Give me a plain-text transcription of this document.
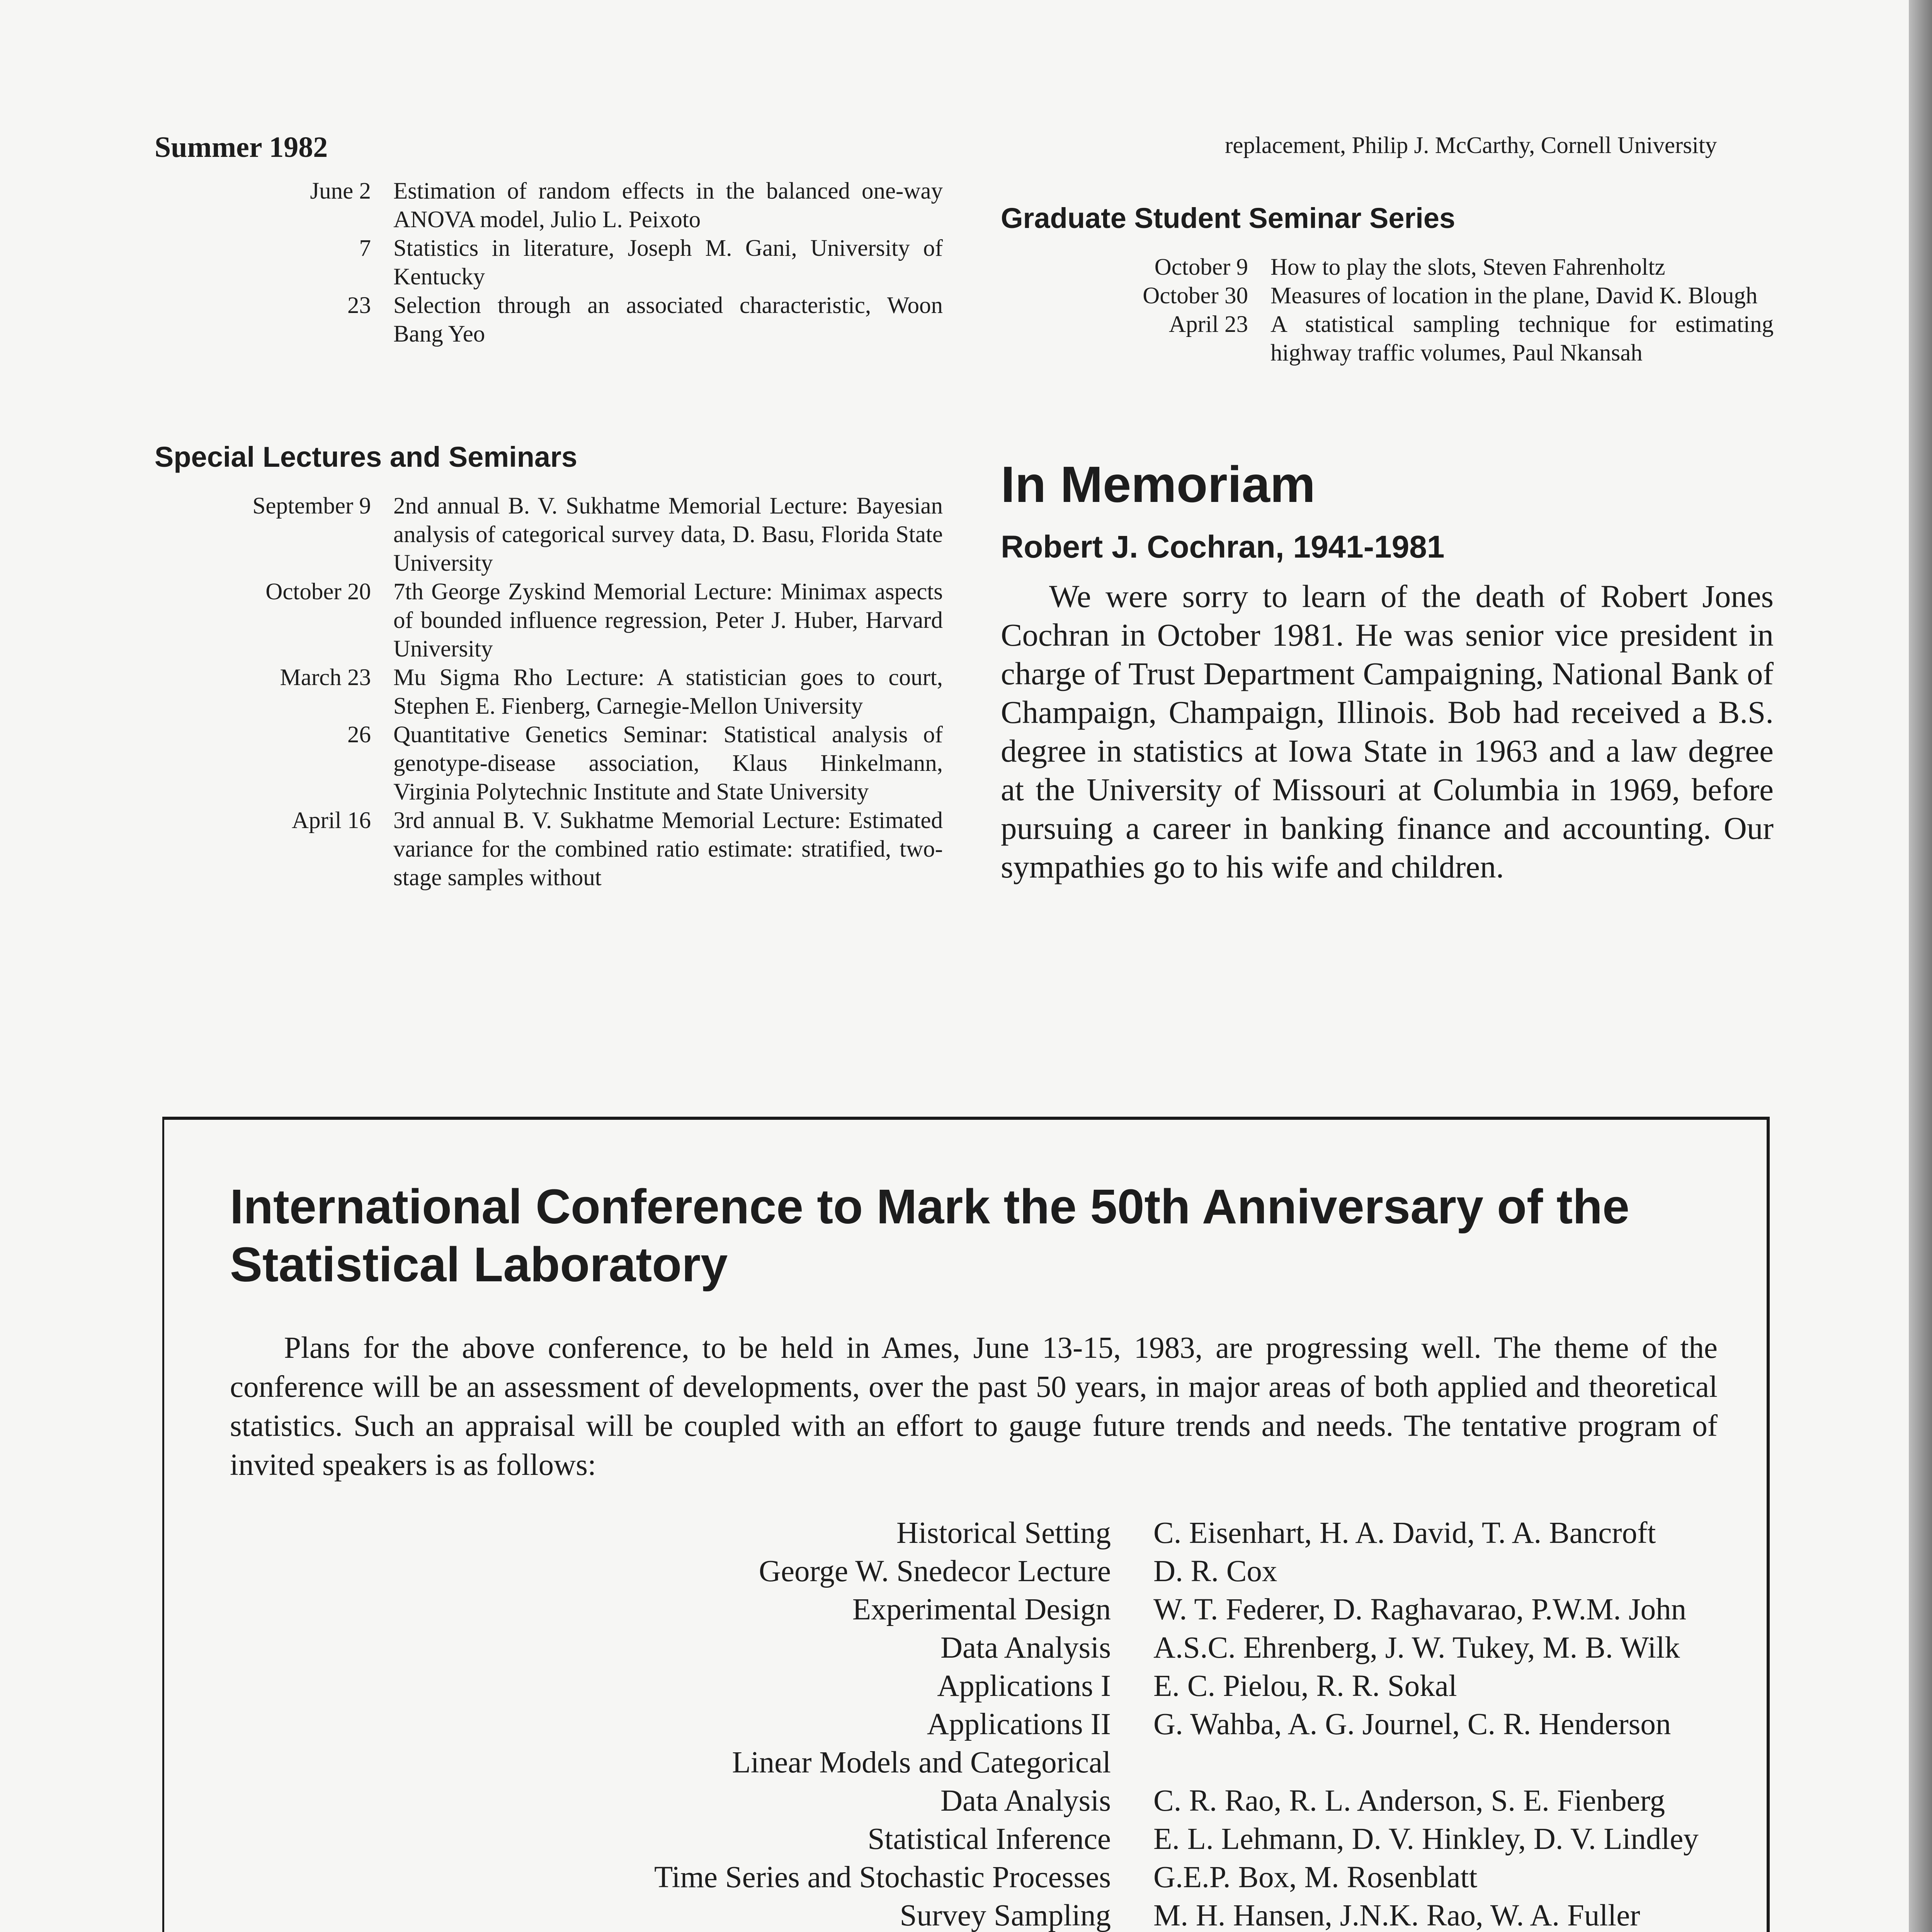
Summer 1982
June 2 Estimation of random effects in the balanced one-way ANOVA model, Julio L. Peixoto
7 Statistics in literature, Joseph M. Gani, University of Kentucky
23 Selection through an associated characteristic, Woon Bang Yeo
Special Lectures and Seminars
September 9 2nd annual B. V. Sukhatme Memorial Lecture: Bayesian analysis of categorical survey data, D. Basu, Florida State University
October 20 7th George Zyskind Memorial Lecture: Minimax aspects of bounded influence regression, Peter J. Huber, Harvard University
March 23 Mu Sigma Rho Lecture: A statistician goes to court, Stephen E. Fienberg, Carnegie-Mellon University
26 Quantitative Genetics Seminar: Statistical analysis of genotype-disease association, Klaus Hinkelmann, Virginia Polytechnic Institute and State University
April 16 3rd annual B. V. Sukhatme Memorial Lecture: Estimated variance for the combined ratio estimate: stratified, two-stage samples without

replacement, Philip J. McCarthy, Cornell University

Graduate Student Seminar Series
October 9 How to play the slots, Steven Fahrenholtz
October 30 Measures of location in the plane, David K. Blough
April 23 A statistical sampling technique for estimating highway traffic volumes, Paul Nkansah
In Memoriam
Robert J. Cochran, 1941-1981

We were sorry to learn of the death of Robert Jones Cochran in October 1981. He was senior vice president in charge of Trust Department Campaigning, National Bank of Champaign, Champaign, Illinois. Bob had received a B.S. degree in statistics at Iowa State in 1963 and a law degree at the University of Missouri at Columbia in 1969, before pursuing a career in banking finance and accounting. Our sympathies go to his wife and children.

International Conference to Mark the 50th Anniversary of the Statistical Laboratory

Plans for the above conference, to be held in Ames, June 13-15, 1983, are progressing well. The theme of the conference will be an assessment of developments, over the past 50 years, in major areas of both applied and theoretical statistics. Such an appraisal will be coupled with an effort to gauge future trends and needs. The tentative program of invited speakers is as follows:

Historical Setting	C. Eisenhart, H. A. David, T. A. Bancroft
George W. Snedecor Lecture	D. R. Cox
Experimental Design	W. T. Federer, D. Raghavarao, P.W.M. John
Data Analysis	A.S.C. Ehrenberg, J. W. Tukey, M. B. Wilk
Applications I	E. C. Pielou, R. R. Sokal
Applications II	G. Wahba, A. G. Journel, C. R. Henderson
Linear Models and Categorical
Data Analysis	C. R. Rao, R. L. Anderson, S. E. Fienberg
Statistical Inference	E. L. Lehmann, D. V. Hinkley, D. V. Lindley
Time Series and Stochastic Processes	G.E.P. Box, M. Rosenblatt
Survey Sampling	M. H. Hansen, J.N.K. Rao, W. A. Fuller
